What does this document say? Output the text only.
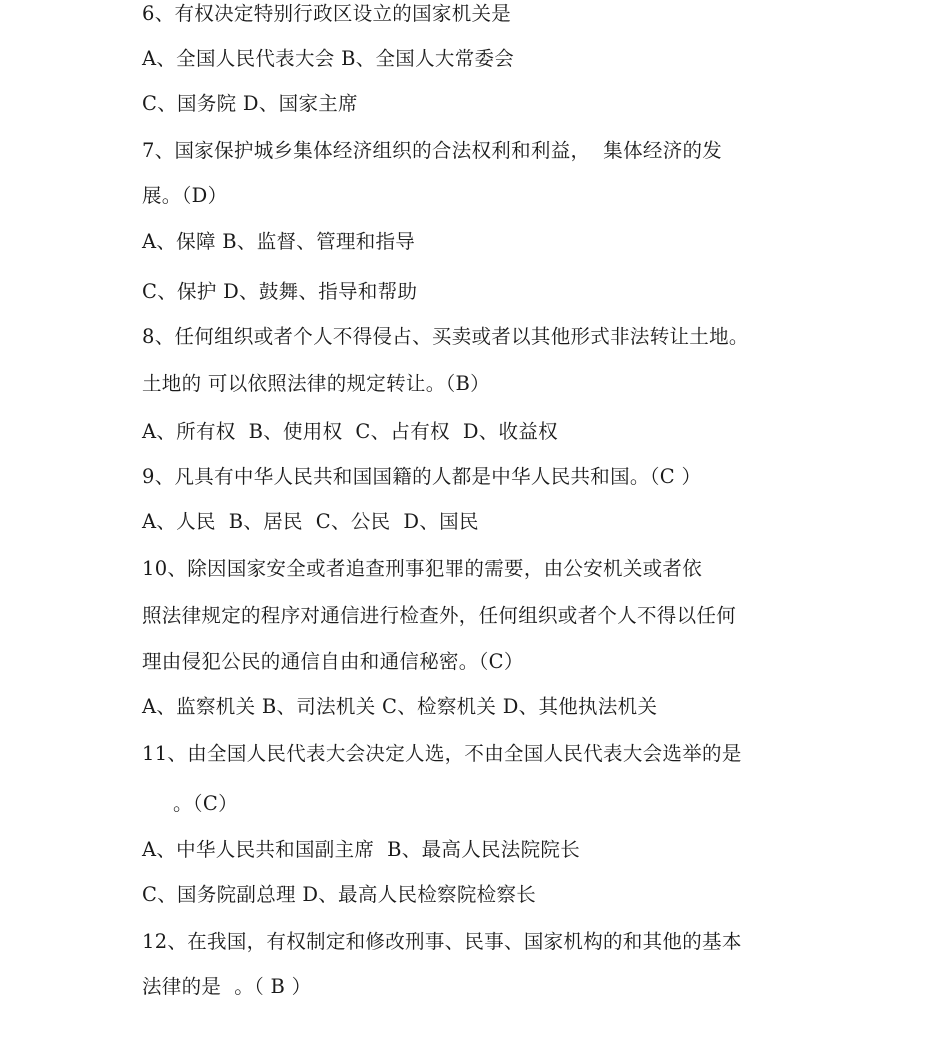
6、有权决定特别行政区设立的国家机关是
A、全国人民代表大会 B、全国人大常委会
C、国务院 D、国家主席
7、国家保护城乡集体经济组织的合法权利和利益，  集体经济的发
展。（D）
A、保障 B、监督、管理和指导
C、保护 D、鼓舞、指导和帮助
8、任何组织或者个人不得侵占、买卖或者以其他形式非法转让土地。
土地的 可以依照法律的规定转让。（B）
A、所有权  B、使用权  C、占有权  D、收益权
9、凡具有中华人民共和国国籍的人都是中华人民共和国。（C ）
A、人民  B、居民  C、公民  D、国民
10、除因国家安全或者追查刑事犯罪的需要，由公安机关或者依
照法律规定的程序对通信进行检查外，任何组织或者个人不得以任何
理由侵犯公民的通信自由和通信秘密。（C）
A、监察机关 B、司法机关 C、检察机关 D、其他执法机关
11、由全国人民代表大会决定人选，不由全国人民代表大会选举的是
。（C）
A、中华人民共和国副主席  B、最高人民法院院长
C、国务院副总理 D、最高人民检察院检察长
12、在我国，有权制定和修改刑事、民事、国家机构的和其他的基本
法律的是  。（ B ）
